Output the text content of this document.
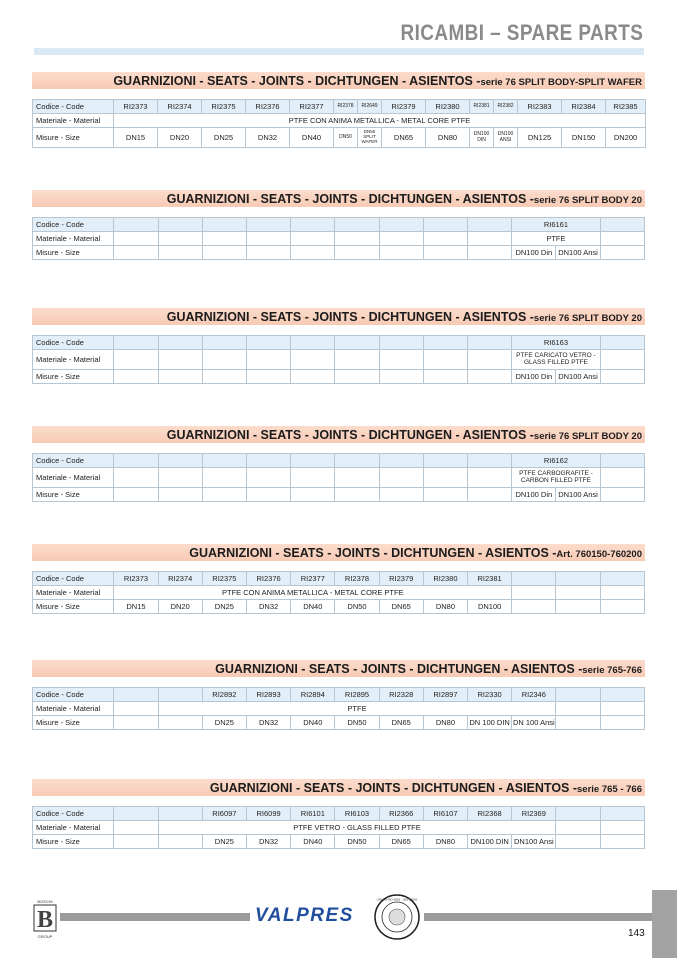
RICAMBI – SPARE PARTS
GUARNIZIONI - SEATS - JOINTS - DICHTUNGEN - ASIENTOS -serie 76 SPLIT BODY-SPLIT WAFER
Codice - Code	RI2373	RI2374	RI2375	RI2376	RI2377	RI2378	RI2649	RI2379	RI2380	RI2381	RI2382	RI2383	RI2384	RI2385
Materiale - Material	PTFE CON ANIMA METALLICA - METAL CORE PTFE													
Misure - Size	DN15	DN20	DN25	DN32	DN40	DN50	DN50 SPLIT WAFER	DN65	DN80	DN100 DIN	DN100 ANSI	DN125	DN150	DN200
GUARNIZIONI - SEATS - JOINTS - DICHTUNGEN - ASIENTOS -serie 76 SPLIT BODY 20
Codice - Code										RI6161		
Materiale - Material										PTFE		
Misure - Size										DN100 Din	DN100 Ansi	
GUARNIZIONI - SEATS - JOINTS - DICHTUNGEN - ASIENTOS -serie 76 SPLIT BODY 20
Codice - Code										RI6163		
Materiale - Material										PTFE CARICATO VETRO - GLASS FILLED PTFE		
Misure - Size										DN100 Din	DN100 Ansi	
GUARNIZIONI - SEATS - JOINTS - DICHTUNGEN - ASIENTOS -serie 76 SPLIT BODY 20
Codice - Code										RI6162		
Materiale - Material										PTFE CARBOGRAFITE - CARBON FILLED PTFE		
Misure - Size										DN100 Din	DN100 Ansi	
GUARNIZIONI - SEATS - JOINTS - DICHTUNGEN - ASIENTOS -Art. 760150-760200
Codice - Code	RI2373	RI2374	RI2375	RI2376	RI2377	RI2378	RI2379	RI2380	RI2381			
Materiale - Material	PTFE CON ANIMA METALLICA - METAL CORE PTFE											
Misure - Size	DN15	DN20	DN25	DN32	DN40	DN50	DN65	DN80	DN100			
GUARNIZIONI - SEATS - JOINTS - DICHTUNGEN - ASIENTOS -serie 765-766
Codice - Code			RI2892	RI2893	RI2894	RI2895	RI2328	RI2897	RI2330	RI2346		
Materiale - Material		PTFE										
Misure - Size			DN25	DN32	DN40	DN50	DN65	DN80	DN 100 DIN	DN 100 Ansi		
GUARNIZIONI - SEATS - JOINTS - DICHTUNGEN - ASIENTOS -serie 765 - 766
Codice - Code			RI6097	RI6099	RI6101	RI6103	RI2366	RI6107	RI2368	RI2369		
Materiale - Material		PTFE VETRO - GLASS FILLED PTFE										
Misure - Size			DN25	DN32	DN40	DN50	DN65	DN80	DN100 DIN	DN100 Ansi		
BOSCHI
B
GROUP
VALPRES
UNI EN ISO 9001 · ISO 14001
143
